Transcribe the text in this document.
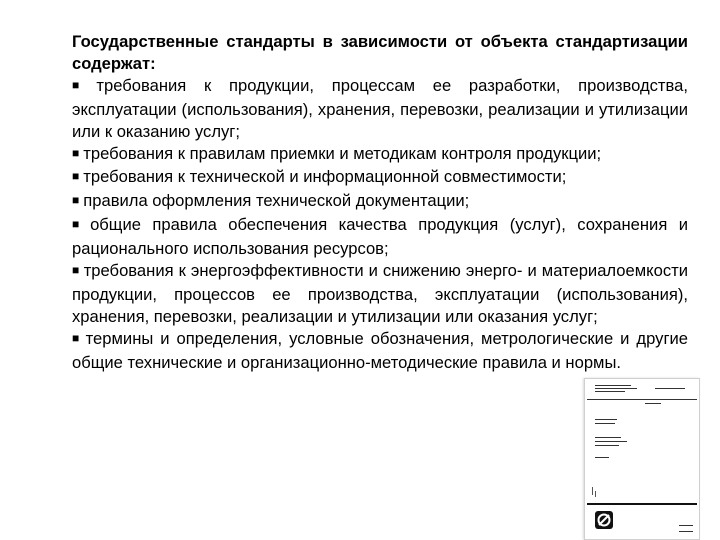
Государственные стандарты в зависимости от объекта стандартизации содержат:

■ требования к продукции, процессам ее разработки, производства, эксплуатации (использования), хранения, перевозки, реализации и утилизации или к оказанию услуг;
■ требования к правилам приемки и методикам контроля продукции;
■ требования к технической и информационной совместимости;
■ правила оформления технической документации;
■ общие правила обеспечения качества продукция (услуг), сохранения и рационального использования ресурсов;
■ требования к энергоэффективности и снижению энерго- и материалоемкости продукции, процессов ее производства, эксплуатации (использования), хранения, перевозки, реализации и утилизации или оказания услуг;
■ термины и определения, условные обозначения, метрологические и другие общие технические и организационно-методические правила и нормы.
